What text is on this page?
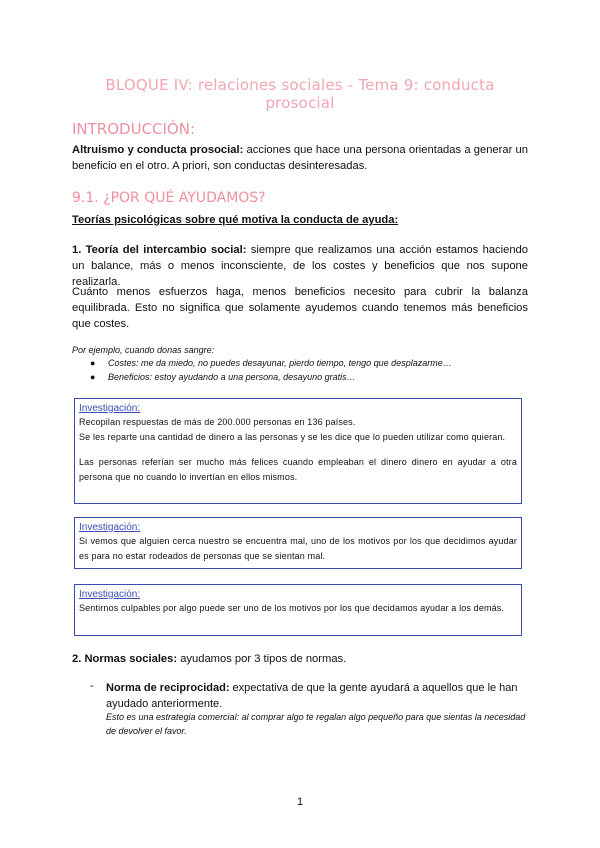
BLOQUE IV: relaciones sociales - Tema 9: conducta prosocial
INTRODUCCIÓN:
Altruismo y conducta prosocial: acciones que hace una persona orientadas a generar un beneficio en el otro. A priori, son conductas desinteresadas.
9.1. ¿POR QUÉ AYUDAMOS?
Teorías psicológicas sobre qué motiva la conducta de ayuda:
1. Teoría del intercambio social: siempre que realizamos una acción estamos haciendo un balance, más o menos inconsciente, de los costes y beneficios que nos supone realizarla.
Cuánto menos esfuerzos haga, menos beneficios necesito para cubrir la balanza equilibrada. Esto no significa que solamente ayudemos cuando tenemos más beneficios que costes.
Por ejemplo, cuando donas sangre:
● Costes: me da miedo, no puedes desayunar, pierdo tiempo, tengo que desplazarme…
● Beneficios: estoy ayudando a una persona, desayuno gratis…
Investigación:
Recopilan respuestas de más de 200.000 personas en 136 países.
Se les reparte una cantidad de dinero a las personas y se les dice que lo pueden utilizar como quieran.
Las personas referían ser mucho más felices cuando empleaban el dinero dinero en ayudar a otra persona que no cuando lo invertían en ellos mismos.
Investigación:
Si vemos que alguien cerca nuestro se encuentra mal, uno de los motivos por los que decidimos ayudar es para no estar rodeados de personas que se sientan mal.
Investigación:
Sentirnos culpables por algo puede ser uno de los motivos por los que decidamos ayudar a los demás.
2. Normas sociales: ayudamos por 3 tipos de normas.
- Norma de reciprocidad: expectativa de que la gente ayudará a aquellos que le han ayudado anteriormente.
Esto es una estrategia comercial: al comprar algo te regalan algo pequeño para que sientas la necesidad de devolver el favor.
1
